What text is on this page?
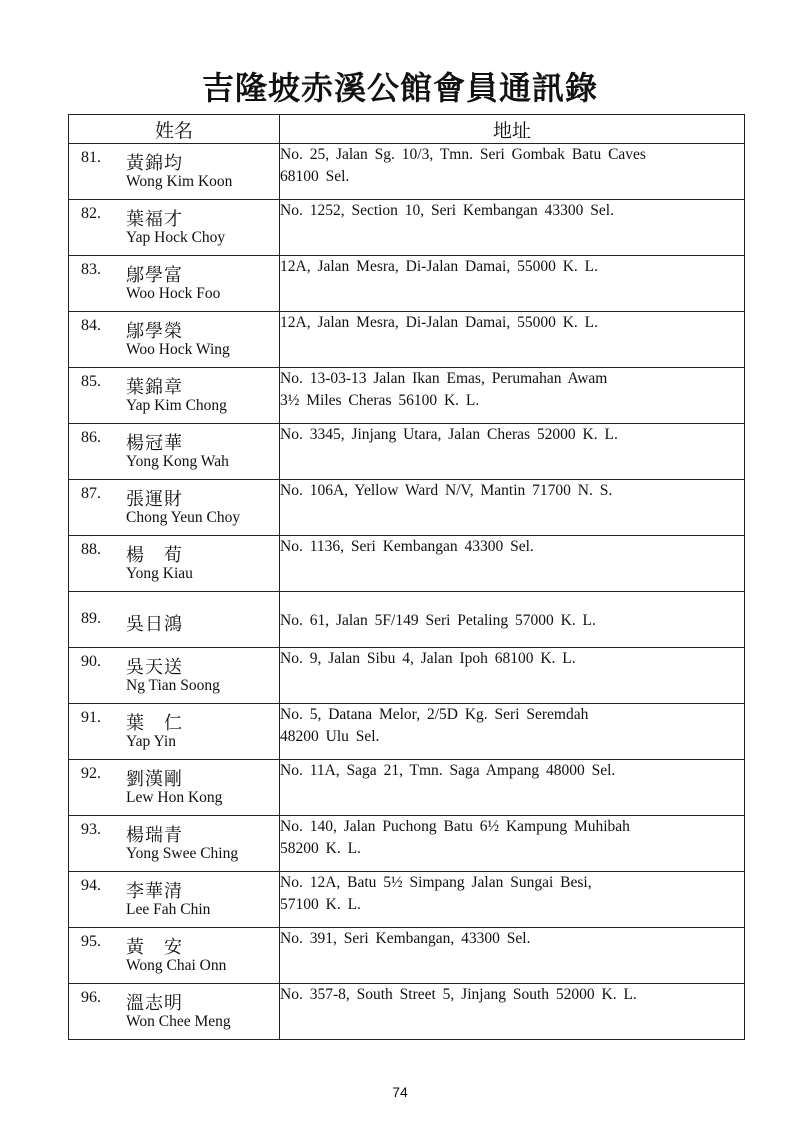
吉隆坡赤溪公館會員通訊錄
姓名	地址

81. 黃錦均
Wong Kim Koon	No. 25, Jalan Sg. 10/3, Tmn. Seri Gombak Batu Caves
68100 Sel.

82. 葉福才
Yap Hock Choy	No. 1252, Section 10, Seri Kembangan 43300 Sel.

83. 鄔學富
Woo Hock Foo	12A, Jalan Mesra, Di-Jalan Damai, 55000 K. L.

84. 鄔學榮
Woo Hock Wing	12A, Jalan Mesra, Di-Jalan Damai, 55000 K. L.

85. 葉錦章
Yap Kim Chong	No. 13-03-13 Jalan Ikan Emas, Perumahan Awam
3½ Miles Cheras 56100 K. L.

86. 楊冠華
Yong Kong Wah	No. 3345, Jinjang Utara, Jalan Cheras 52000 K. L.

87. 張運財
Chong Yeun Choy	No. 106A, Yellow Ward N/V, Mantin 71700 N. S.

88. 楊　荀
Yong Kiau	No. 1136, Seri Kembangan 43300 Sel.

89. 吳日鴻	No. 61, Jalan 5F/149 Seri Petaling 57000 K. L.

90. 吳天送
Ng Tian Soong	No. 9, Jalan Sibu 4, Jalan Ipoh 68100 K. L.

91. 葉　仁
Yap Yin	No. 5, Datana Melor, 2/5D Kg. Seri Seremdah
48200 Ulu Sel.

92. 劉漢剛
Lew Hon Kong	No. 11A, Saga 21, Tmn. Saga Ampang 48000 Sel.

93. 楊瑞青
Yong Swee Ching	No. 140, Jalan Puchong Batu 6½ Kampung Muhibah
58200 K. L.

94. 李華清
Lee Fah Chin	No. 12A, Batu 5½ Simpang Jalan Sungai Besi,
57100 K. L.

95. 黃　安
Wong Chai Onn	No. 391, Seri Kembangan, 43300 Sel.

96. 溫志明
Won Chee Meng	No. 357-8, South Street 5, Jinjang South 52000 K. L.
74
